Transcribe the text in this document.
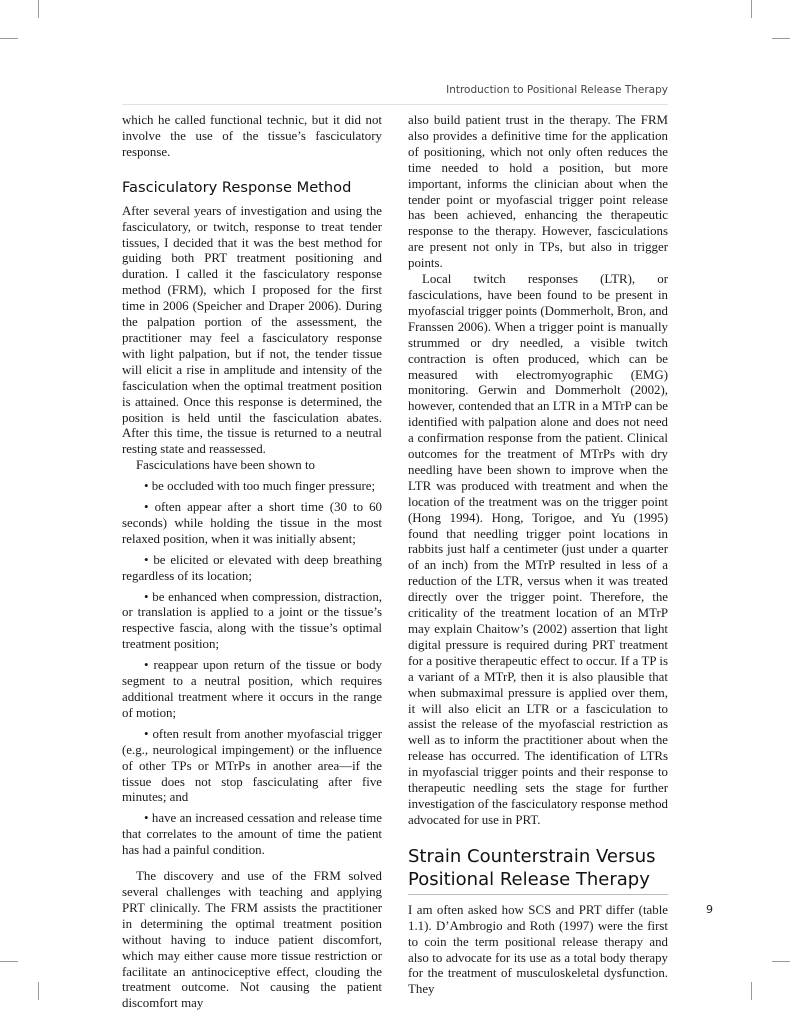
Introduction to Positional Release Therapy

which he called functional technic, but it did not involve the use of the tissue’s fasciculatory response.

Fasciculatory Response Method

After several years of investigation and using the fasciculatory, or twitch, response to treat tender tissues, I decided that it was the best method for guiding both PRT treatment positioning and duration. I called it the fasciculatory response method (FRM), which I proposed for the first time in 2006 (Speicher and Draper 2006). During the palpation portion of the assessment, the practitioner may feel a fasciculatory response with light palpation, but if not, the tender tissue will elicit a rise in amplitude and intensity of the fasciculation when the optimal treatment position is attained. Once this response is determined, the position is held until the fasciculation abates. After this time, the tissue is returned to a neutral resting state and reassessed.

Fasciculations have been shown to

• be occluded with too much finger pressure;

• often appear after a short time (30 to 60 seconds) while holding the tissue in the most relaxed position, when it was initially absent;

• be elicited or elevated with deep breathing regardless of its location;

• be enhanced when compression, distraction, or translation is applied to a joint or the tissue’s respective fascia, along with the tissue’s optimal treatment position;

• reappear upon return of the tissue or body segment to a neutral position, which requires additional treatment where it occurs in the range of motion;

• often result from another myofascial trigger (e.g., neurological impingement) or the influence of other TPs or MTrPs in another area—if the tissue does not stop fasciculating after five minutes; and

• have an increased cessation and release time that correlates to the amount of time the patient has had a painful condition.

The discovery and use of the FRM solved several challenges with teaching and applying PRT clinically. The FRM assists the practitioner in determining the optimal treatment position without having to induce patient discomfort, which may either cause more tissue restriction or facilitate an antinociceptive effect, clouding the treatment outcome. Not causing the patient discomfort may

also build patient trust in the therapy. The FRM also provides a definitive time for the application of positioning, which not only often reduces the time needed to hold a position, but more important, informs the clinician about when the tender point or myofascial trigger point release has been achieved, enhancing the therapeutic response to the therapy. However, fasciculations are present not only in TPs, but also in trigger points.

Local twitch responses (LTR), or fasciculations, have been found to be present in myofascial trigger points (Dommerholt, Bron, and Franssen 2006). When a trigger point is manually strummed or dry needled, a visible twitch contraction is often produced, which can be measured with electromyographic (EMG) monitoring. Gerwin and Dommerholt (2002), however, contended that an LTR in a MTrP can be identified with palpation alone and does not need a confirmation response from the patient. Clinical outcomes for the treatment of MTrPs with dry needling have been shown to improve when the LTR was produced with treatment and when the location of the treatment was on the trigger point (Hong 1994). Hong, Torigoe, and Yu (1995) found that needling trigger point locations in rabbits just half a centimeter (just under a quarter of an inch) from the MTrP resulted in less of a reduction of the LTR, versus when it was treated directly over the trigger point. Therefore, the criticality of the treatment location of an MTrP may explain Chaitow’s (2002) assertion that light digital pressure is required during PRT treatment for a positive therapeutic effect to occur. If a TP is a variant of a MTrP, then it is also plausible that when submaximal pressure is applied over them, it will also elicit an LTR or a fasciculation to assist the release of the myofascial restriction as well as to inform the practitioner about when the release has occurred. The identification of LTRs in myofascial trigger points and their response to therapeutic needling sets the stage for further investigation of the fasciculatory response method advocated for use in PRT.

Strain Counterstrain Versus
Positional Release Therapy

I am often asked how SCS and PRT differ (table 1.1). D’Ambrogio and Roth (1997) were the first to coin the term positional release therapy and also to advocate for its use as a total body therapy for the treatment of musculoskeletal dysfunction. They

9
